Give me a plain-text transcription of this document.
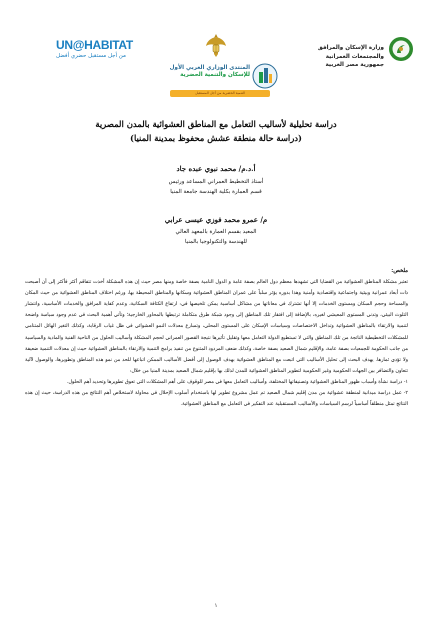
UN@HABITAT
من أجل مستقبل حضري أفضل
المنتدى الوزاري العربي الأول
للإسكان والتنمية الحضرية
التنمية الحضرية من أجل المستقبل
وزارة الإسكان والمرافق والمجتمعات العمرانية
جمهورية مصر العربية
دراسة تحليلية لأساليب التعامل مع المناطق العشوائية بالمدن المصرية
(دراسة حالة منطقة عشش محفوظ بمدينة المنيا)
أ.د.م/ محمد نبوي عبده جاد
أستاذ التخطيط العمراني المساعد ورئيس
قسم العمارة بكلية الهندسة جامعة المنيا
م/ عمرو محمد فوزي عيسى عرابي
المعيد بقسم العمارة بالمعهد العالي
للهندسة والتكنولوجيا بالمنيا

ملخص:

تعتبر مشكلة المناطق العشوائية من القضايا التي تشهدها معظم دول العالم بصفة عامة و الدول النامية بصفة خاصة ومنها مصر حيث إن هذه المشكلة أخذت تتفاقم أكثر فأكثر إلى أن أصبحت ذات أبعاد عمرانية وبيئية واجتماعية واقتصادية وأمنية وهذا بدوره يؤثر سلباً على عمران المناطق العشوائية وسكانها والمناطق المحيطة بها، ورغم اختلاف المناطق العشوائية من حيث المكان والمساحة وحجم السكان ومستوى الخدمات إلا أنها تشترك في معاناتها من مشاكل أساسية يمكن تلخيصها في: ارتفاع الكثافة السكانية، وعدم كفاية المرافق والخدمات الأساسية، وانتشار التلوث البيئي، وتدني المستوى المعيشي لغيره، بالإضافة إلى افتقار تلك المناطق إلى وجود شبكة طرق متكاملة ترتبطها بالمحاور الخارجية؛ وتأتي أهمية البحث في عدم وجود سياسة واضحة لتنمية والارتقاء بالمناطق العشوائية وتداخل الاختصاصات وسياسات الإسكان على المستوى المحلي، وتسارع معدلات النمو العشوائي في ظل غياب الرقابة، وكذلك التغير الهائل المتنامي للمشكلات التخطيطية الناتجة من تلك المناطق والتي لا تستطيع الدولة التعامل معها وتقليل تأثيرها نتيجة القصور العمراني لحجم المشكلة وأساليب الحلول من الناحية الفنية والمادية والسياسية من جانب الحكومة للجمعيات بصفة عامة، والإقليم شمال الصعيد بصفة خاصة، وكذلك ضعف المردود المتنوع من تنفيذ برامج التنمية والارتقاء بالمناطق العشوائية حيث إن معدلات التنمية ضعيفة ولا تؤدي ثمارها. يهدف البحث إلى تحليل الأساليب التي اتبعت مع المناطق العشوائية بهدف الوصول إلى أفضل الأساليب الممكن اتباعها للحد من نمو هذه المناطق وتطويرها، والوصول لآلية تتعاون والتضافر بين الجهات الحكومية وغير الحكومية لتطوير المناطق العشوائية للمدن لذلك بها بإقليم شمال الصعيد بمدينة المنيا من خلال:

١- دراسة نشأة وأسباب ظهور المناطق العشوائية وتصنيفاتها المختلفة، وأساليب التعامل معها في مصر للوقوف على أهم المشكلات التي تعوق تطويرها وتحديد أهم الحلول.

٢- عمل دراسة ميدانية لمنطقة عشوائية من مدن إقليم شمال الصعيد تم عمل مشروع تطوير لها باستخدام أسلوب الإحلال في محاولة لاستخلاص أهم النتائج من هذه الدراسة، حيث إن هذه النتائج تمثل منطلقاً أساسياً لرسم السياسات والأساليب المستقبلية عند التفكير في التعامل مع المناطق العشوائية.

١
